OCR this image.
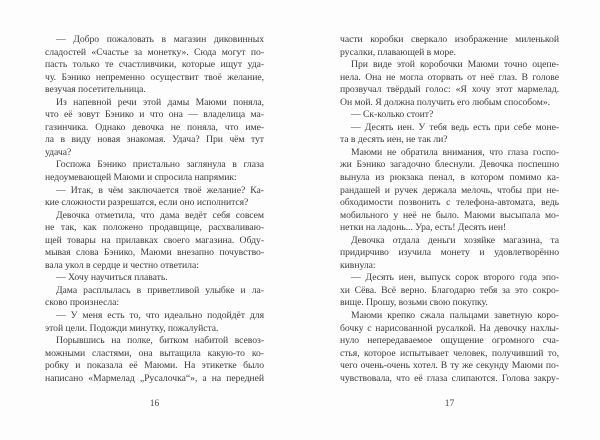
— Добро пожаловать в магазин диковинных
сладостей «Счастье за монетку». Сюда могут по-
пасть только те счастливчики, которые ищут уда-
чу. Бэнико непременно осуществит твоё желание,
везучая посетительница.
Из напевной речи этой дамы Маюми поняла,
что её зовут Бэнико и что она — владелица ма-
газинчика. Однако девочка не поняла, что име-
ла в виду новая знакомая. Удача? При чём тут
удача?
Госпожа Бэнико пристально заглянула в глаза
недоумевающей Маюми и спросила напрямик:
— Итак, в чём заключается твоё желание? Ка-
кие сложности разрешатся, если оно исполнится?
Девочка отметила, что дама ведёт себя совсем
не так, как положено продавщице, расхваливаю-
щей товары на прилавках своего магазина. Обду-
мывая слова Бэнико, Маюми внезапно почувство-
вала укол в сердце и честно ответила:
— Хочу научиться плавать.
Дама расплылась в приветливой улыбке и ла-
сково произнесла:
— У меня есть то, что идеально подойдёт для
этой цели. Подожди минутку, пожалуйста.
Порывшись на полке, битком набитой всевоз-
можными сластями, она вытащила какую-то ко-
робку и показала её Маюми. На этикетке было
написано «Мармелад „Русалочка“», а на передней
16
части коробки сверкало изображение миленькой
русалки, плавающей в море.
При виде этой коробочки Маюми точно оцепе-
нела. Она не могла оторвать от неё глаз. В голове
прозвучал твёрдый голос: «Я хочу этот мармелад.
Он мой. Я должна получить его любым способом».
— Ск-колько стоит?
— Десять иен. У тебя ведь есть при себе моне-
та в десять иен, не так ли?
Маюми не обратила внимания, что глаза госпо-
жи Бэнико загадочно блеснули. Девочка поспешно
вынула из рюкзака пенал, в котором помимо ка-
рандашей и ручек держала мелочь, чтобы при не-
обходимости позвонить с телефона-автомата, ведь
мобильного у неё не было. Маюми высыпала мо-
нетки на ладонь... Ура, есть! Десять иен!
Девочка отдала деньги хозяйке магазина, та
придирчиво изучила монету и удовлетворённо
кивнула:
— Десять иен, выпуск сорок второго года эпо-
хи Сёва. Всё верно. Благодарю тебя за это сокро-
вище. Прошу, возьми свою покупку.
Маюми крепко сжала пальцами заветную коро-
бочку с нарисованной русалкой. На девочку нахлы-
нуло непередаваемое ощущение огромного сча-
стья, которое испытывает человек, получивший то,
чего очень-очень хотел. В ту же секунду Маюми по-
чувствовала, что её глаза слипаются. Голова закру-
17
